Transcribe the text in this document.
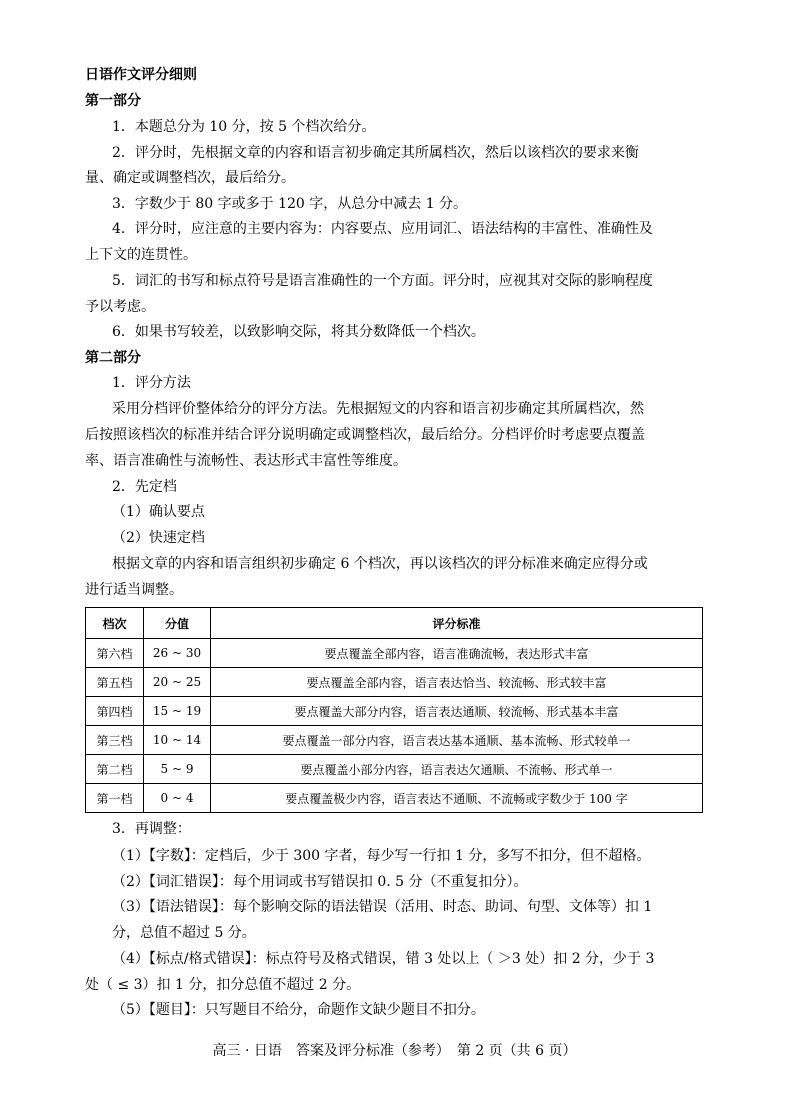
日语作文评分细则
第一部分
1．本题总分为 10 分，按 5 个档次给分。
2．评分时，先根据文章的内容和语言初步确定其所属档次，然后以该档次的要求来衡
量、确定或调整档次，最后给分。
3．字数少于 80 字或多于 120 字，从总分中减去 1 分。
4．评分时，应注意的主要内容为：内容要点、应用词汇、语法结构的丰富性、准确性及
上下文的连贯性。
5．词汇的书写和标点符号是语言准确性的一个方面。评分时，应视其对交际的影响程度
予以考虑。
6．如果书写较差，以致影响交际，将其分数降低一个档次。
第二部分
1．评分方法
采用分档评价整体给分的评分方法。先根据短文的内容和语言初步确定其所属档次，然
后按照该档次的标准并结合评分说明确定或调整档次，最后给分。分档评价时考虑要点覆盖
率、语言准确性与流畅性、表达形式丰富性等维度。
2．先定档
（1）确认要点
（2）快速定档
根据文章的内容和语言组织初步确定 6 个档次，再以该档次的评分标准来确定应得分或
进行适当调整。
档次	分值	评分标准
第六档	26 ~ 30	要点覆盖全部内容，语言准确流畅，表达形式丰富
第五档	20 ~ 25	要点覆盖全部内容，语言表达恰当、较流畅、形式较丰富
第四档	15 ~ 19	要点覆盖大部分内容，语言表达通顺、较流畅、形式基本丰富
第三档	10 ~ 14	要点覆盖一部分内容，语言表达基本通顺、基本流畅、形式较单一
第二档	5 ~ 9	要点覆盖小部分内容，语言表达欠通顺、不流畅、形式单一
第一档	0 ~ 4	要点覆盖极少内容，语言表达不通顺、不流畅或字数少于 100 字
3．再调整：
（1）【字数】：定档后，少于 300 字者，每少写一行扣 1 分，多写不扣分，但不超格。
（2）【词汇错误】：每个用词或书写错误扣 0. 5 分（不重复扣分）。
（3）【语法错误】：每个影响交际的语法错误（活用、时态、助词、句型、文体等）扣 1
分，总值不超过 5 分。
（4）【标点/格式错误】：标点符号及格式错误，错 3 处以上（ ＞3 处）扣 2 分，少于 3
处（ ≤ 3）扣 1 分，扣分总值不超过 2 分。
（5）【题目】：只写题目不给分，命题作文缺少题目不扣分。
高三 · 日语　答案及评分标准（参考）　第 2 页（共 6 页）
